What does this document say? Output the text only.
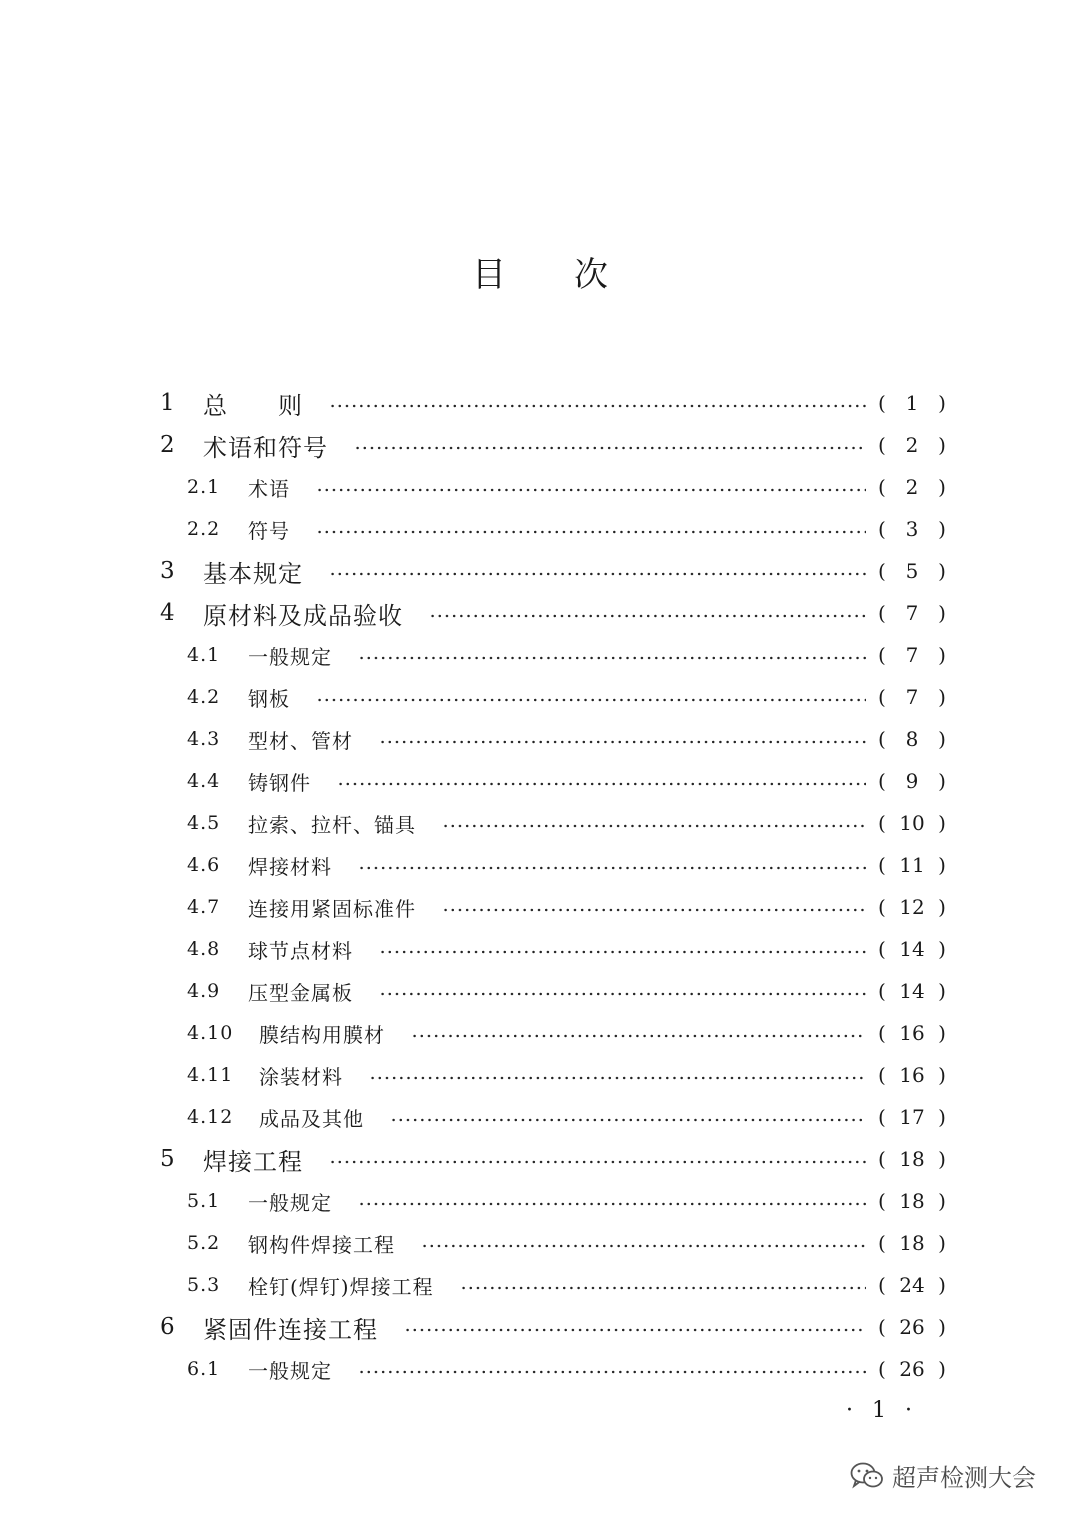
目 次
1 总　　则	( 1 )
2 术语和符号	( 2 )
2.1 术语	( 2 )
2.2 符号	( 3 )
3 基本规定	( 5 )
4 原材料及成品验收	( 7 )
4.1 一般规定	( 7 )
4.2 钢板	( 7 )
4.3 型材、管材	( 8 )
4.4 铸钢件	( 9 )
4.5 拉索、拉杆、锚具	( 10 )
4.6 焊接材料	( 11 )
4.7 连接用紧固标准件	( 12 )
4.8 球节点材料	( 14 )
4.9 压型金属板	( 14 )
4.10 膜结构用膜材	( 16 )
4.11 涂装材料	( 16 )
4.12 成品及其他	( 17 )
5 焊接工程	( 18 )
5.1 一般规定	( 18 )
5.2 钢构件焊接工程	( 18 )
5.3 栓钉(焊钉)焊接工程	( 24 )
6 紧固件连接工程	( 26 )
6.1 一般规定	( 26 )
· 1 ·
超声检测大会
